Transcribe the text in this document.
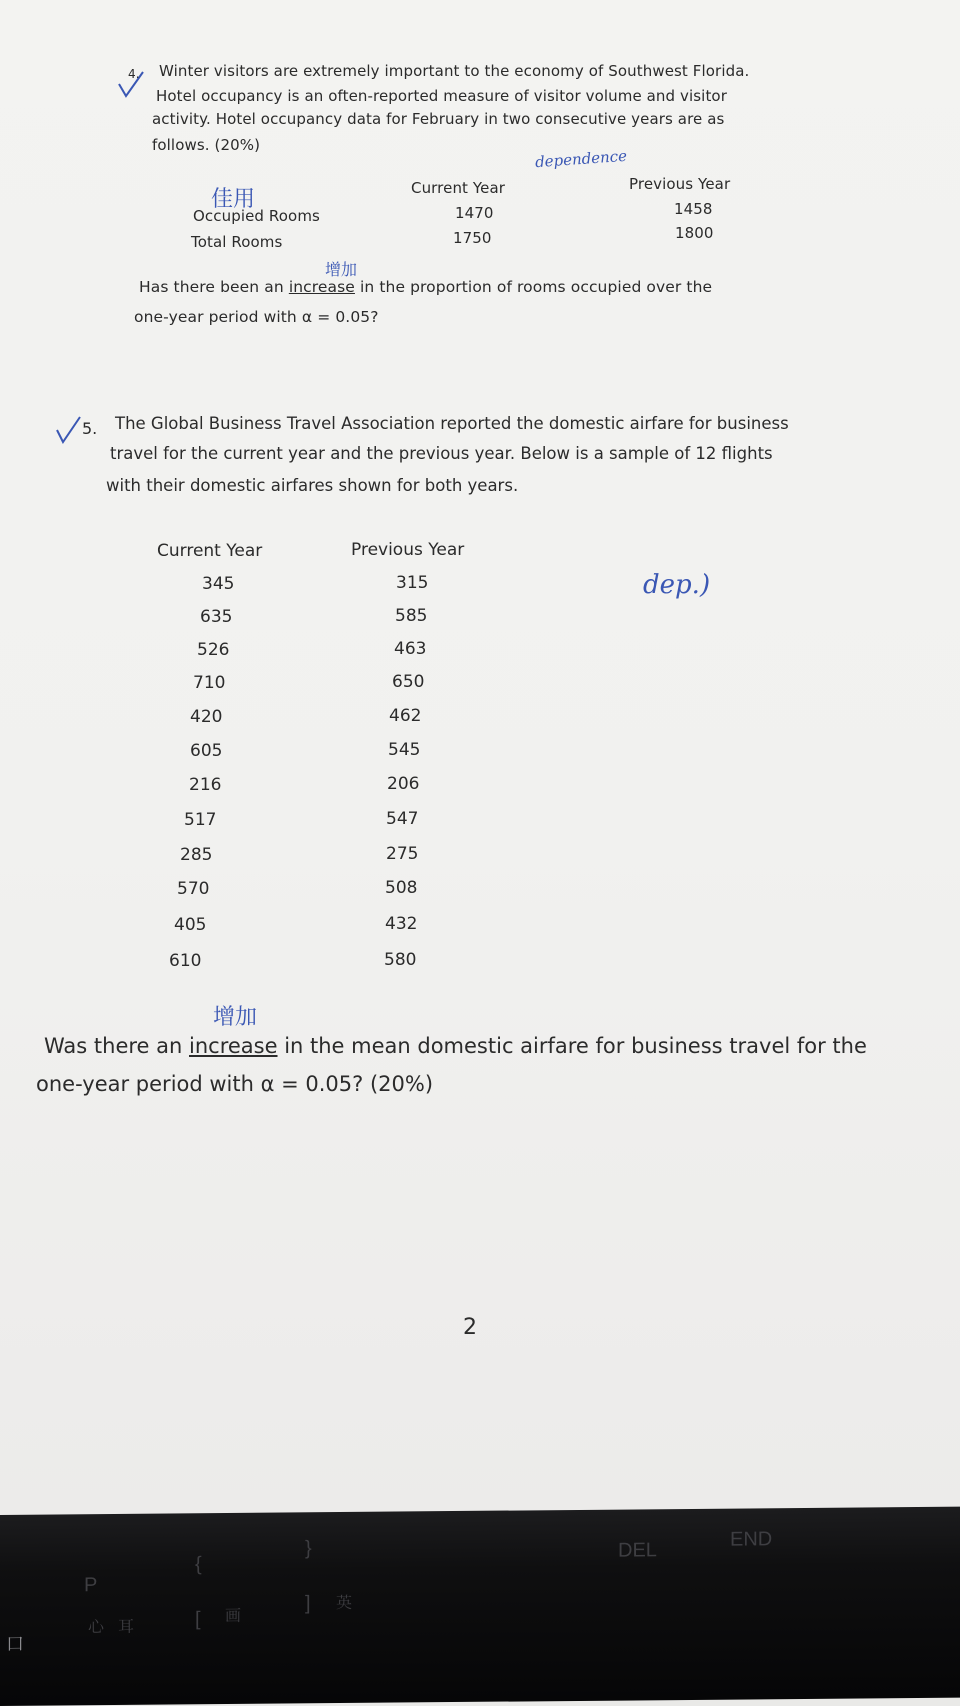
4. Winter visitors are extremely important to the economy of Southwest Florida.
Hotel occupancy is an often-reported measure of visitor volume and visitor
activity. Hotel occupancy data for February in two consecutive years are as
follows. (20%)
dependence
佳用	Current Year	Previous Year
Occupied Rooms	1470	1458
Total Rooms	1750	1800
增加
Has there been an increase in the proportion of rooms occupied over the
one-year period with α = 0.05?
5. The Global Business Travel Association reported the domestic airfare for business
travel for the current year and the previous year. Below is a sample of 12 flights
with their domestic airfares shown for both years.
Current Year	Previous Year
dep.)
345	315
635	585
526	463
710	650
420	462
605	545
216	206
517	547
285	275
570	508
405	432
610	580
增加
Was there an increase in the mean domestic airfare for business travel for the
one-year period with α = 0.05? (20%)
2
DEL	END
P
{
}
[
]
心 耳
画
英
口
